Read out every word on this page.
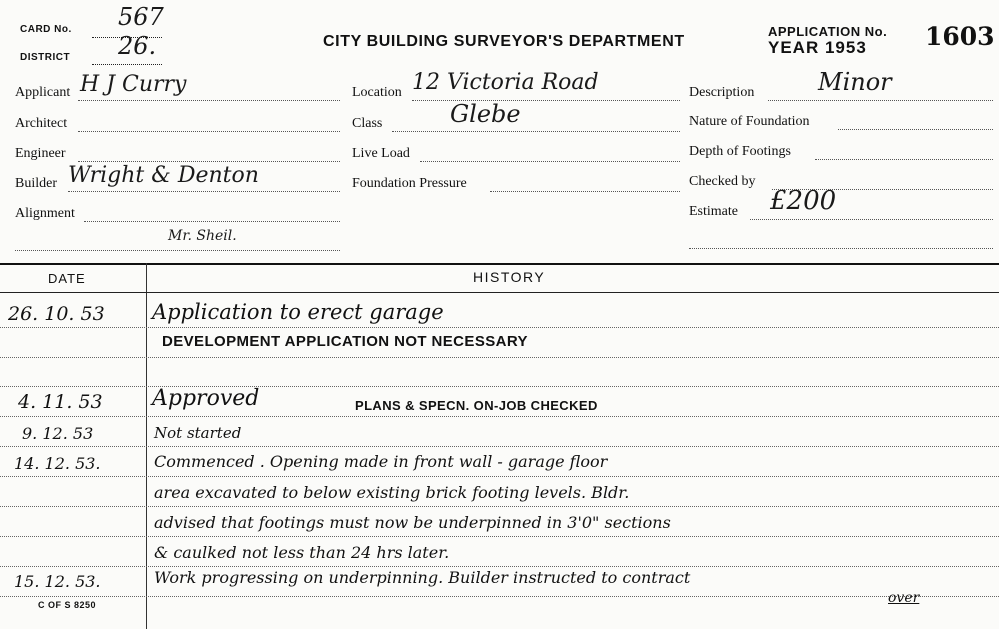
CARD No. 567
DISTRICT 26.	CITY BUILDING SURVEYOR'S DEPARTMENT
APPLICATION No.
YEAR 1953 1603
Applicant H J Curry
Architect
Engineer
Builder Wright & Denton
Alignment
Mr. Sheil.
Location 12 Victoria Road
Class	Glebe
Live Load
Foundation Pressure
Description	Minor
Nature of Foundation
Depth of Footings
Checked by
Estimate £200
DATE	HISTORY
26. 10. 53 Application to erect garage
DEVELOPMENT APPLICATION NOT NECESSARY
4. 11. 53 Approved	PLANS & SPECN. ON-JOB CHECKED
9. 12. 53	Not started
14. 12. 53.	Commenced . Opening made in front wall - garage floor
area excavated to below existing brick footing levels. Bldr.
advised that footings must now be underpinned in 3'0" sections
& caulked not less than 24 hrs later.
15. 12. 53.	Work progressing on underpinning. Builder instructed to contract
over
C OF S 8250
